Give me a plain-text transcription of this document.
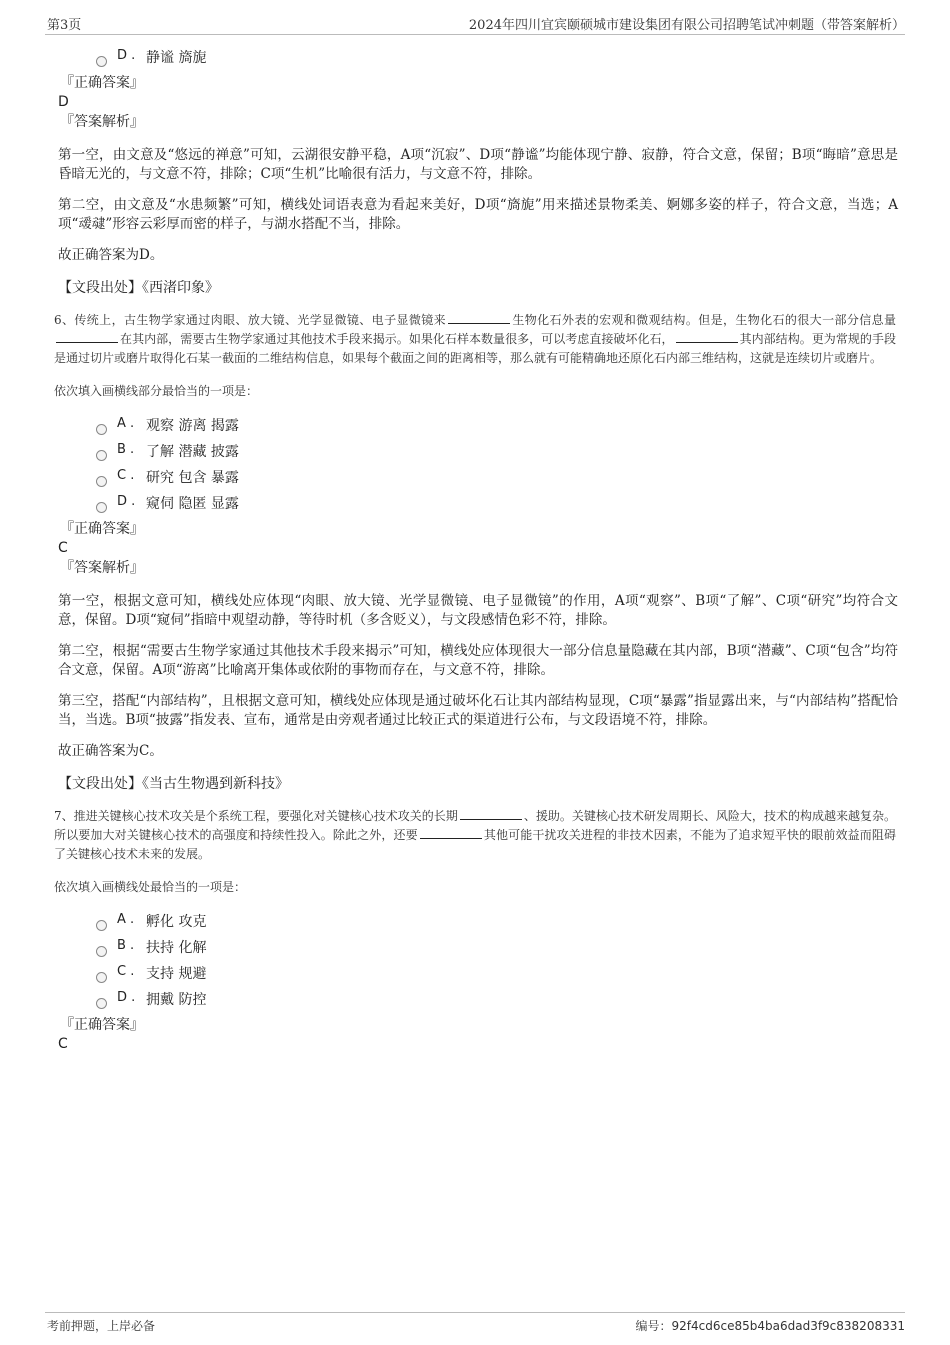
第3页	2024年四川宜宾颐硕城市建设集团有限公司招聘笔试冲刺题（带答案解析）
D . 静谧 旖旎
『正确答案』
D
『答案解析』

第一空，由文意及“悠远的禅意”可知，云湖很安静平稳，A项“沉寂”、D项“静谧”均能体现宁静、寂静，符合文意，保留；B项“晦暗”意思是昏暗无光的，与文意不符，排除；C项“生机”比喻很有活力，与文意不符，排除。

第二空，由文意及“水患频繁”可知，横线处词语表意为看起来美好，D项“旖旎”用来描述景物柔美、婀娜多姿的样子，符合文意，当选；A项“叆叇”形容云彩厚而密的样子，与湖水搭配不当，排除。

故正确答案为D。

【文段出处】《西渚印象》

6、传统上，古生物学家通过肉眼、放大镜、光学显微镜、电子显微镜来	生物化石外表的宏观和微观结构。但是，生物化石的很大一部分信息量在其内部，需要古生物学家通过其他技术手段来揭示。如果化石样本数量很多，可以考虑直接破坏化石，	其内部结构。更为常规的手段是通过切片或磨片取得化石某一截面的二维结构信息，如果每个截面之间的距离相等，那么就有可能精确地还原化石内部三维结构，这就是连续切片或磨片。
依次填入画横线部分最恰当的一项是：
A . 观察 游离 揭露
B . 了解 潜藏 披露
C . 研究 包含 暴露
D . 窥伺 隐匿 显露
『正确答案』
C
『答案解析』

第一空，根据文意可知，横线处应体现“肉眼、放大镜、光学显微镜、电子显微镜”的作用，A项“观察”、B项“了解”、C项“研究”均符合文意，保留。D项“窥伺”指暗中观望动静，等待时机（多含贬义），与文段感情色彩不符，排除。

第二空，根据“需要古生物学家通过其他技术手段来揭示”可知，横线处应体现很大一部分信息量隐藏在其内部，B项“潜藏”、C项“包含”均符合文意，保留。A项“游离”比喻离开集体或依附的事物而存在，与文意不符，排除。

第三空，搭配“内部结构”，且根据文意可知，横线处应体现是通过破坏化石让其内部结构显现，C项“暴露”指显露出来，与“内部结构”搭配恰当，当选。B项“披露”指发表、宣布，通常是由旁观者通过比较正式的渠道进行公布，与文段语境不符，排除。

故正确答案为C。

【文段出处】《当古生物遇到新科技》

7、推进关键核心技术攻关是个系统工程，要强化对关键核心技术攻关的长期	、援助。关键核心技术研发周期长、风险大，技术的构成越来越复杂。所以要加大对关键核心技术的高强度和持续性投入。除此之外，还要	其他可能干扰攻关进程的非技术因素，不能为了追求短平快的眼前效益而阻碍了关键核心技术未来的发展。
依次填入画横线处最恰当的一项是：
A . 孵化 攻克
B . 扶持 化解
C . 支持 规避
D . 拥戴 防控
『正确答案』
C
考前押题，上岸必备	编号：92f4cd6ce85b4ba6dad3f9c838208331
